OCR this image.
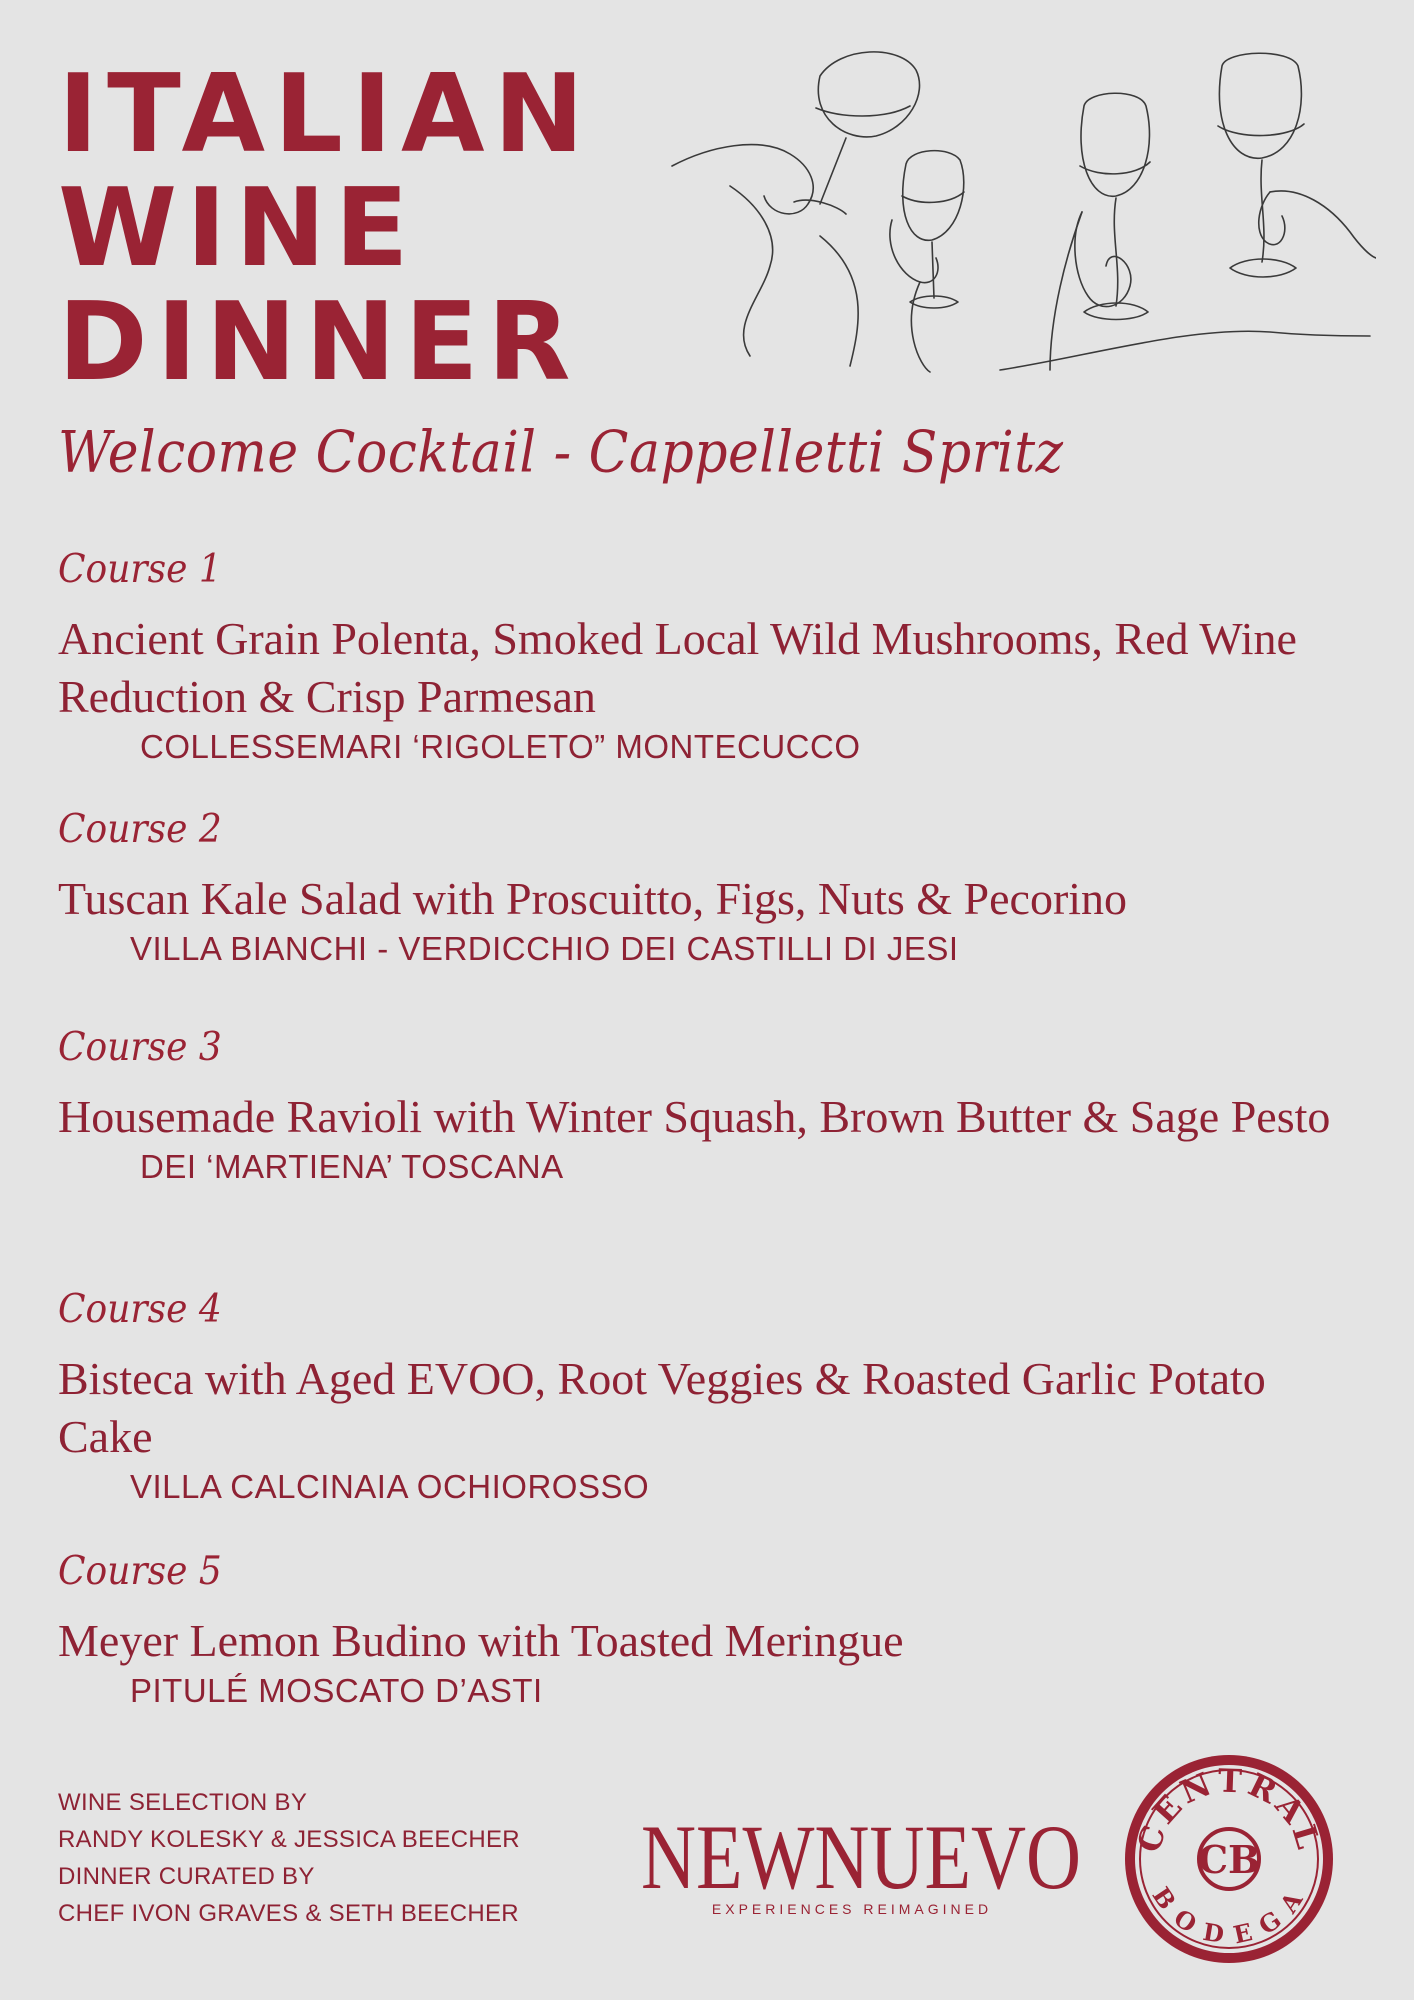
ITALIAN
WINE
DINNER
Welcome Cocktail - Cappelletti Spritz
Course 1
Ancient Grain Polenta, Smoked Local Wild Mushrooms, Red Wine Reduction & Crisp Parmesan
COLLESSEMARI ‘RIGOLETO” MONTECUCCO
Course 2
Tuscan Kale Salad with Proscuitto, Figs, Nuts & Pecorino
VILLA BIANCHI - VERDICCHIO DEI CASTILLI DI JESI
Course 3
Housemade Ravioli with Winter Squash, Brown Butter & Sage Pesto
DEI ‘MARTIENA’ TOSCANA
Course 4
Bisteca with Aged EVOO, Root Veggies & Roasted Garlic Potato Cake
VILLA CALCINAIA OCHIOROSSO
Course 5
Meyer Lemon Budino with Toasted Meringue
PITULÉ MOSCATO D’ASTI
WINE SELECTION BY
RANDY KOLESKY & JESSICA BEECHER
DINNER CURATED BY
CHEF IVON GRAVES & SETH BEECHER
NEWNUEVO
EXPERIENCES REIMAGINED
CENTRAL
BODEGA
CB
